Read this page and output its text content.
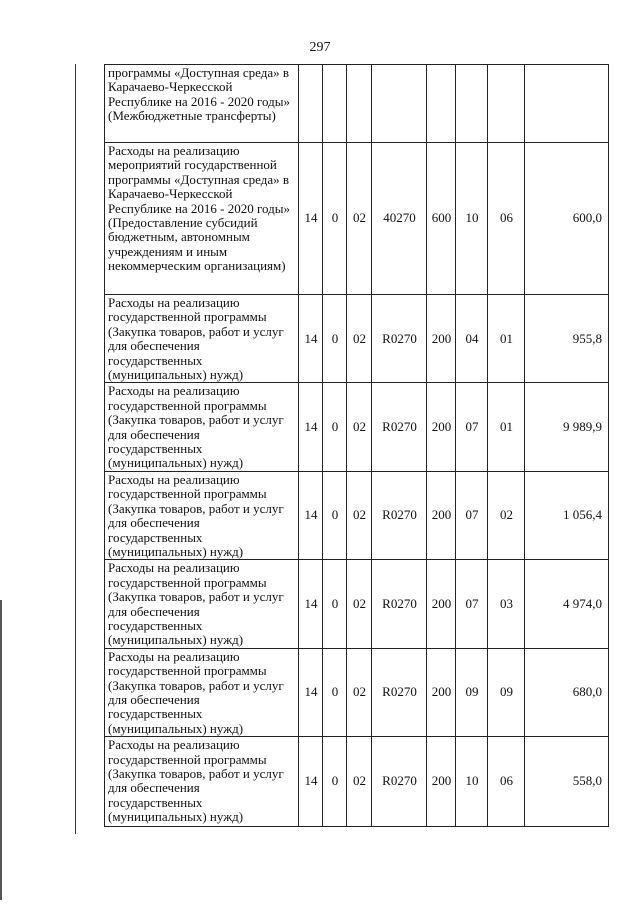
297
программы «Доступная среда» в Карачаево-Черкесской Республике на 2016 - 2020 годы» (Межбюджетные трансферты)								
Расходы на реализацию мероприятий государственной программы «Доступная среда» в Карачаево-Черкесской Республике на 2016 - 2020 годы» (Предоставление субсидий бюджетным, автономным учреждениям и иным некоммерческим организациям)	14	0	02	40270	600	10	06	600,0
Расходы на реализацию государственной программы (Закупка товаров, работ и услуг для обеспечения государственных (муниципальных) нужд)	14	0	02	R0270	200	04	01	955,8
Расходы на реализацию государственной программы (Закупка товаров, работ и услуг для обеспечения государственных (муниципальных) нужд)	14	0	02	R0270	200	07	01	9 989,9
Расходы на реализацию государственной программы (Закупка товаров, работ и услуг для обеспечения государственных (муниципальных) нужд)	14	0	02	R0270	200	07	02	1 056,4
Расходы на реализацию государственной программы (Закупка товаров, работ и услуг для обеспечения государственных (муниципальных) нужд)	14	0	02	R0270	200	07	03	4 974,0
Расходы на реализацию государственной программы (Закупка товаров, работ и услуг для обеспечения государственных (муниципальных) нужд)	14	0	02	R0270	200	09	09	680,0
Расходы на реализацию государственной программы (Закупка товаров, работ и услуг для обеспечения государственных (муниципальных) нужд)	14	0	02	R0270	200	10	06	558,0
